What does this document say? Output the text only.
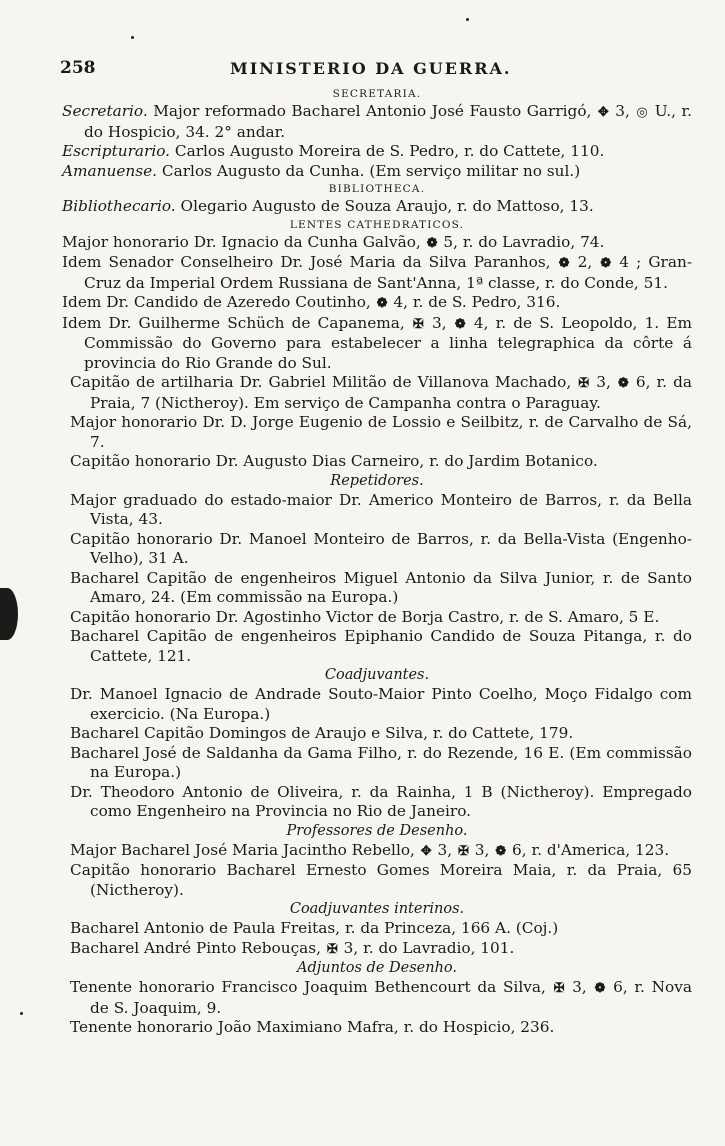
258	MINISTERIO DA GUERRA.
SECRETARIA.

Secretario. Major reformado Bacharel Antonio José Fausto Garrigó, ✥ 3, ◎ U., r. do Hospicio, 34. 2° andar.

Escripturario. Carlos Augusto Moreira de S. Pedro, r. do Cattete, 110.

Amanuense. Carlos Augusto da Cunha. (Em serviço militar no sul.)

BIBLIOTHECA.

Bibliothecario. Olegario Augusto de Souza Araujo, r. do Mattoso, 13.

LENTES CATHEDRATICOS.

Major honorario Dr. Ignacio da Cunha Galvão, ❁ 5, r. do Lavradio, 74.

Idem Senador Conselheiro Dr. José Maria da Silva Paranhos, ❁ 2, ❁ 4 ; Gran-Cruz da Imperial Ordem Russiana de Sant'Anna, 1ª classe, r. do Conde, 51.

Idem Dr. Candido de Azeredo Coutinho, ❁ 4, r. de S. Pedro, 316.

Idem Dr. Guilherme Schüch de Capanema, ✠ 3, ❁ 4, r. de S. Leopoldo, 1. Em Commissão do Governo para estabelecer a linha telegraphica da côrte á provincia do Rio Grande do Sul.

Capitão de artilharia Dr. Gabriel Militão de Villanova Machado, ✠ 3, ❁ 6, r. da Praia, 7 (Nictheroy). Em serviço de Campanha contra o Paraguay.

Major honorario Dr. D. Jorge Eugenio de Lossio e Seilbitz, r. de Carvalho de Sá, 7.

Capitão honorario Dr. Augusto Dias Carneiro, r. do Jardim Botanico.

Repetidores.

Major graduado do estado-maior Dr. Americo Monteiro de Barros, r. da Bella Vista, 43.

Capitão honorario Dr. Manoel Monteiro de Barros, r. da Bella-Vista (Engenho-Velho), 31 A.

Bacharel Capitão de engenheiros Miguel Antonio da Silva Junior, r. de Santo Amaro, 24. (Em commissão na Europa.)

Capitão honorario Dr. Agostinho Victor de Borja Castro, r. de S. Amaro, 5 E.

Bacharel Capitão de engenheiros Epiphanio Candido de Souza Pitanga, r. do Cattete, 121.

Coadjuvantes.

Dr. Manoel Ignacio de Andrade Souto-Maior Pinto Coelho, Moço Fidalgo com exercicio. (Na Europa.)

Bacharel Capitão Domingos de Araujo e Silva, r. do Cattete, 179.

Bacharel José de Saldanha da Gama Filho, r. do Rezende, 16 E. (Em commissão na Europa.)

Dr. Theodoro Antonio de Oliveira, r. da Rainha, 1 B (Nictheroy). Empregado como Engenheiro na Provincia no Rio de Janeiro.

Professores de Desenho.

Major Bacharel José Maria Jacintho Rebello, ✥ 3, ✠ 3, ❁ 6, r. d'America, 123.

Capitão honorario Bacharel Ernesto Gomes Moreira Maia, r. da Praia, 65 (Nictheroy).

Coadjuvantes interinos.

Bacharel Antonio de Paula Freitas, r. da Princeza, 166 A. (Coj.)

Bacharel André Pinto Rebouças, ✠ 3, r. do Lavradio, 101.

Adjuntos de Desenho.

Tenente honorario Francisco Joaquim Bethencourt da Silva, ✠ 3, ❁ 6, r. Nova de S. Joaquim, 9.

Tenente honorario João Maximiano Mafra, r. do Hospicio, 236.
